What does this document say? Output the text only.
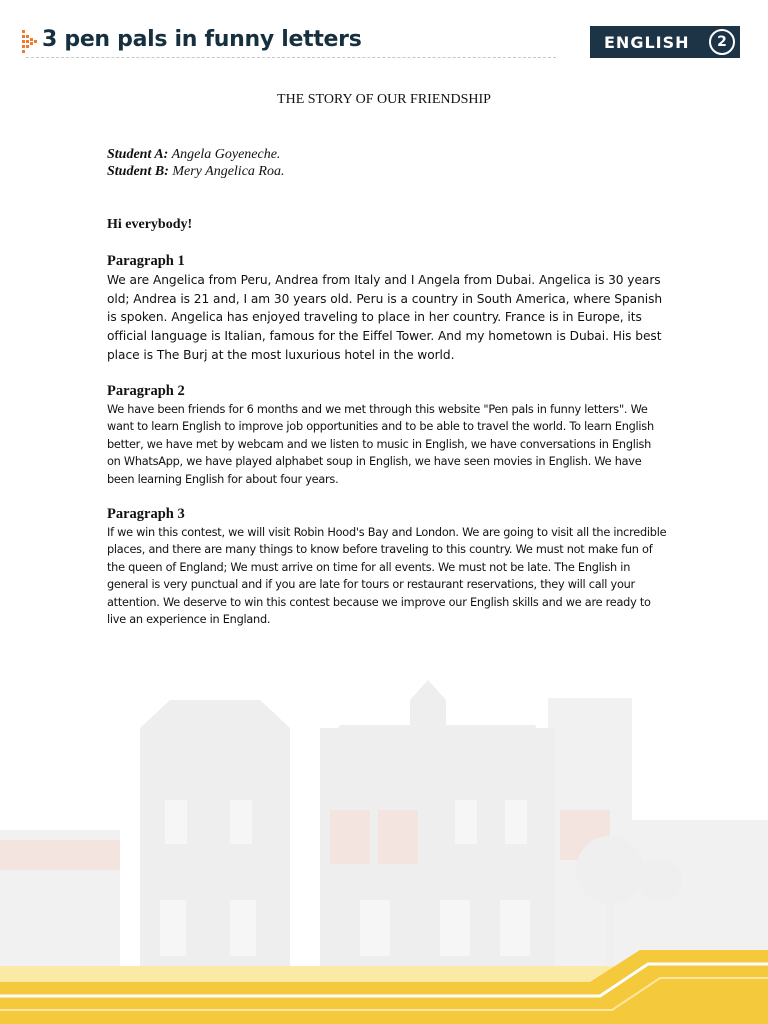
3 pen pals in funny letters	ENGLISH	2
THE STORY OF OUR FRIENDSHIP
Student A: Angela Goyeneche.
Student B: Mery Angelica Roa.
Hi everybody!
Paragraph 1

We are Angelica from Peru, Andrea from Italy and I Angela from Dubai. Angelica is 30 years old; Andrea is 21 and, I am 30 years old. Peru is a country in South America, where Spanish is spoken. Angelica has enjoyed traveling to place in her country. France is in Europe, its official language is Italian, famous for the Eiffel Tower. And my hometown is Dubai. His best place is The Burj at the most luxurious hotel in the world.

Paragraph 2

We have been friends for 6 months and we met through this website "Pen pals in funny letters". We want to learn English to improve job opportunities and to be able to travel the world. To learn English better, we have met by webcam and we listen to music in English, we have conversations in English on WhatsApp, we have played alphabet soup in English, we have seen movies in English. We have been learning English for about four years.

Paragraph 3

If we win this contest, we will visit Robin Hood's Bay and London. We are going to visit all the incredible places, and there are many things to know before traveling to this country. We must not make fun of the queen of England; We must arrive on time for all events. We must not be late. The English in general is very punctual and if you are late for tours or restaurant reservations, they will call your attention. We deserve to win this contest because we improve our English skills and we are ready to live an experience in England.
